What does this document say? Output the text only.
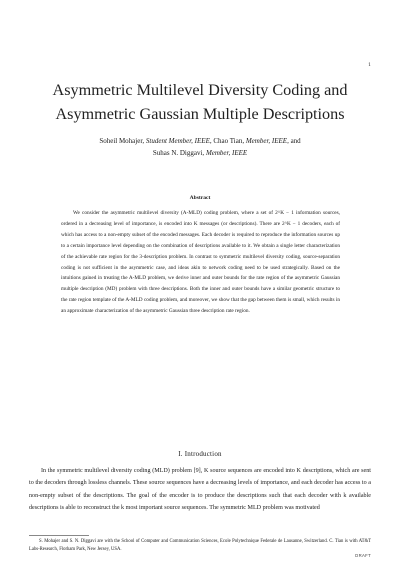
1
Asymmetric Multilevel Diversity Coding and
Asymmetric Gaussian Multiple Descriptions
Soheil Mohajer, Student Member, IEEE, Chao Tian, Member, IEEE, and
Suhas N. Diggavi, Member, IEEE
Abstract

We consider the asymmetric multilevel diversity (A-MLD) coding problem, where a set of 2^K − 1 information sources, ordered in a decreasing level of importance, is encoded into K messages (or descriptions). There are 2^K − 1 decoders, each of which has access to a non-empty subset of the encoded messages. Each decoder is required to reproduce the information sources up to a certain importance level depending on the combination of descriptions available to it. We obtain a single letter characterization of the achievable rate region for the 3-description problem. In contrast to symmetric multilevel diversity coding, source-separation coding is not sufficient in the asymmetric case, and ideas akin to network coding need to be used strategically. Based on the intuitions gained in treating the A-MLD problem, we derive inner and outer bounds for the rate region of the asymmetric Gaussian multiple description (MD) problem with three descriptions. Both the inner and outer bounds have a similar geometric structure to the rate region template of the A-MLD coding problem, and moreover, we show that the gap between them is small, which results in an approximate characterization of the asymmetric Gaussian three description rate region.

I. Introduction

In the symmetric multilevel diversity coding (MLD) problem [9], K source sequences are encoded into K descriptions, which are sent to the decoders through lossless channels. These source sequences have a decreasing levels of importance, and each decoder has access to a non-empty subset of the descriptions. The goal of the encoder is to produce the descriptions such that each decoder with k available descriptions is able to reconstruct the k most important source sequences. The symmetric MLD problem was motivated

S. Mohajer and S. N. Diggavi are with the School of Computer and Communication Sciences, Ecole Polytechnique Federale de Lausanne, Switzerland. C. Tian is with AT&T Labs-Research, Florham Park, New Jersey, USA.

DRAFT
